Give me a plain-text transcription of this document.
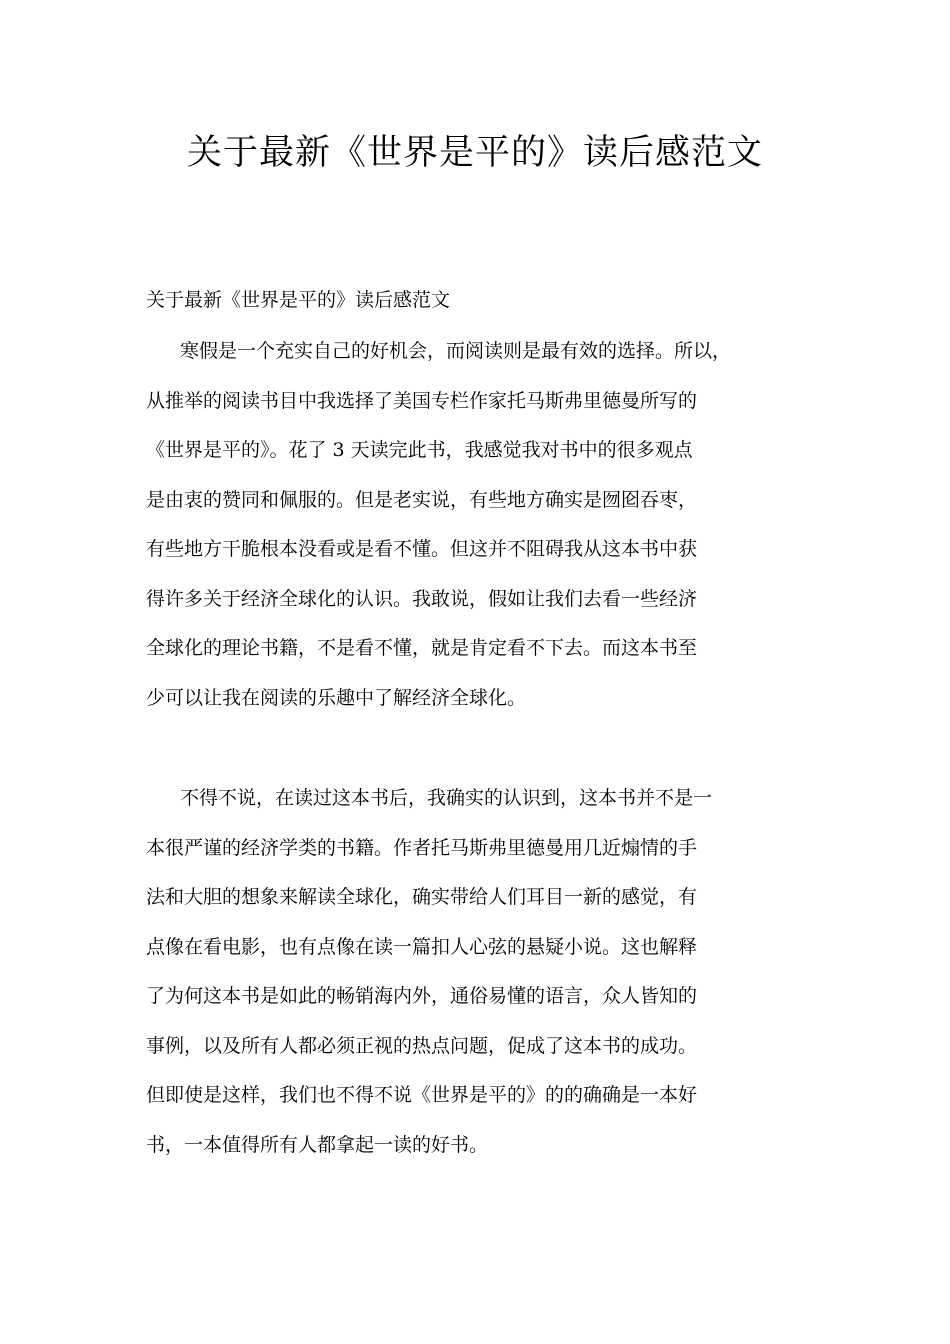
关于最新《世界是平的》读后感范文
关于最新《世界是平的》读后感范文
寒假是一个充实自己的好机会，而阅读则是最有效的选择。所以，
从推举的阅读书目中我选择了美国专栏作家托马斯弗里德曼所写的
《世界是平的》。花了 3 天读完此书，我感觉我对书中的很多观点
是由衷的赞同和佩服的。但是老实说，有些地方确实是囫囵吞枣，
有些地方干脆根本没看或是看不懂。但这并不阻碍我从这本书中获
得许多关于经济全球化的认识。我敢说，假如让我们去看一些经济
全球化的理论书籍，不是看不懂，就是肯定看不下去。而这本书至
少可以让我在阅读的乐趣中了解经济全球化。
不得不说，在读过这本书后，我确实的认识到，这本书并不是一
本很严谨的经济学类的书籍。作者托马斯弗里德曼用几近煽情的手
法和大胆的想象来解读全球化，确实带给人们耳目一新的感觉，有
点像在看电影，也有点像在读一篇扣人心弦的悬疑小说。这也解释
了为何这本书是如此的畅销海内外，通俗易懂的语言，众人皆知的
事例，以及所有人都必须正视的热点问题，促成了这本书的成功。
但即使是这样，我们也不得不说《世界是平的》的的确确是一本好
书，一本值得所有人都拿起一读的好书。
